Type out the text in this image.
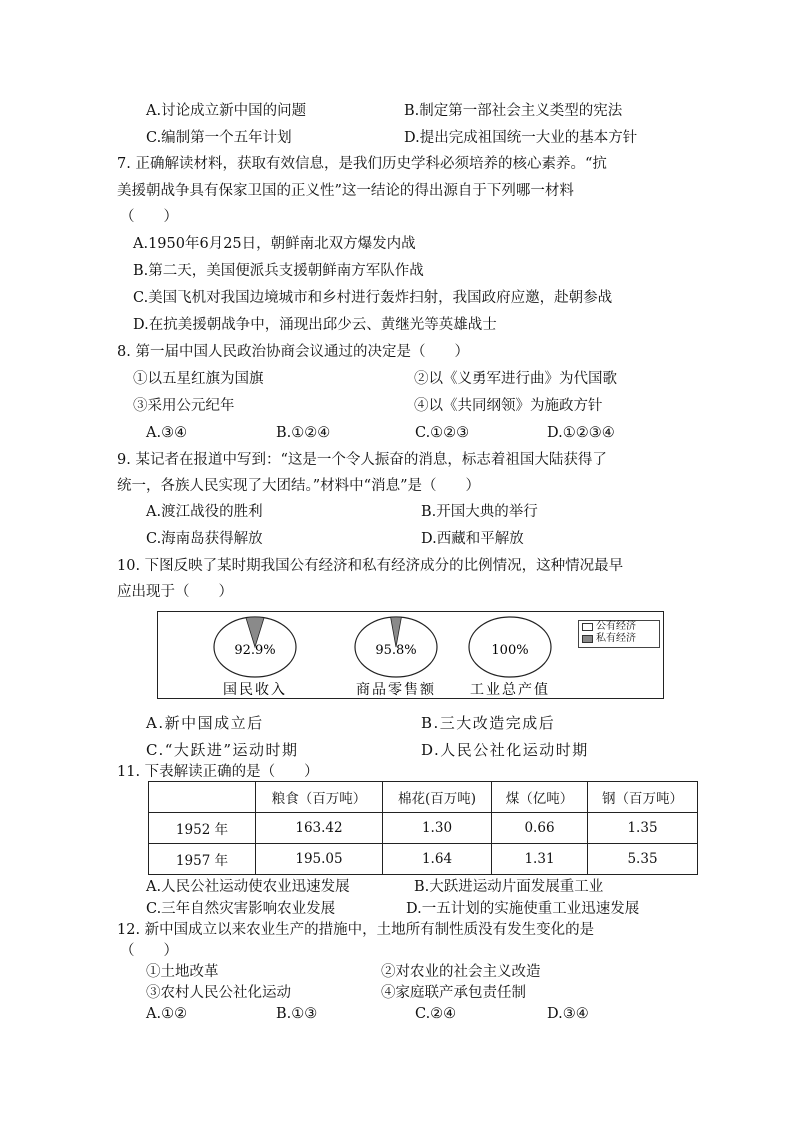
A.讨论成立新中国的问题	B.制定第一部社会主义类型的宪法
C.编制第一个五年计划	D.提出完成祖国统一大业的基本方针
7. 正确解读材料，获取有效信息，是我们历史学科必须培养的核心素养。“抗
美援朝战争具有保家卫国的正义性”这一结论的得出源自于下列哪一材料
（　　）
A.1950年6月25日，朝鲜南北双方爆发内战
B.第二天，美国便派兵支援朝鲜南方军队作战
C.美国飞机对我国边境城市和乡村进行轰炸扫射，我国政府应邀，赴朝参战
D.在抗美援朝战争中，涌现出邱少云、黄继光等英雄战士
8. 第一届中国人民政治协商会议通过的决定是（　　）
①以五星红旗为国旗	②以《义勇军进行曲》为代国歌
③采用公元纪年	④以《共同纲领》为施政方针
A.③④	B.①②④	C.①②③	D.①②③④
9. 某记者在报道中写到：“这是一个令人振奋的消息，标志着祖国大陆获得了
统一，各族人民实现了大团结。”材料中“消息”是（　　）
A.渡江战役的胜利	B.开国大典的举行
C.海南岛获得解放	D.西藏和平解放
10. 下图反映了某时期我国公有经济和私有经济成分的比例情况，这种情况最早
应出现于（　　）
92.9%
国民收入
95.8%
商品零售额
100%
工业总产值
公有经济
私有经济
A.新中国成立后	B.三大改造完成后
C.“大跃进”运动时期	D.人民公社化运动时期
11. 下表解读正确的是（　　）
	粮食（百万吨）	棉花(百万吨)	煤（亿吨）	钢（百万吨）
1952 年	163.42	1.30	0.66	1.35
1957 年	195.05	1.64	1.31	5.35
A.人民公社运动使农业迅速发展	B.大跃进运动片面发展重工业
C.三年自然灾害影响农业发展	D.一五计划的实施使重工业迅速发展
12. 新中国成立以来农业生产的措施中，土地所有制性质没有发生变化的是
（　　）
①土地改革	②对农业的社会主义改造
③农村人民公社化运动	④家庭联产承包责任制
A.①②	B.①③	C.②④	D.③④
